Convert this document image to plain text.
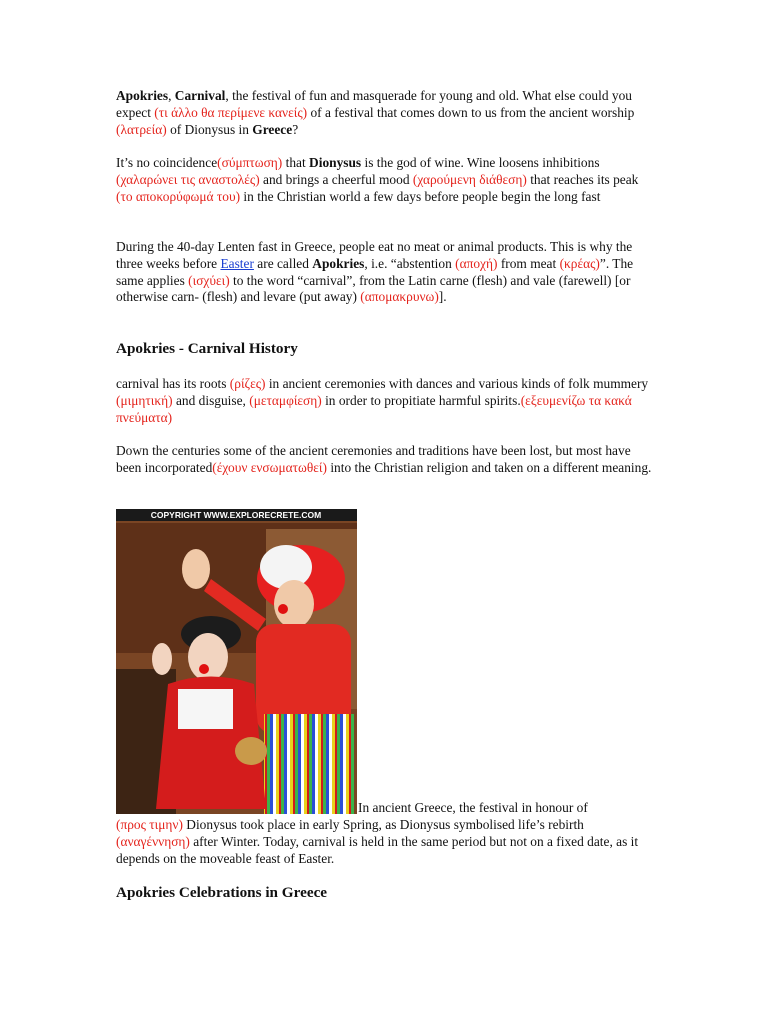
Apokries, Carnival, the festival of fun and masquerade for young and old. What else could you expect (τι άλλο θα περίμενε κανείς) of a festival that comes down to us from the ancient worship (λατρεία) of Dionysus in Greece?

It’s no coincidence(σύμπτωση) that Dionysus is the god of wine. Wine loosens inhibitions (χαλαρώνει τις αναστολές) and brings a cheerful mood (χαρούμενη διάθεση) that reaches its peak (το αποκορύφωμά του) in the Christian world a few days before people begin the long fast

During the 40-day Lenten fast in Greece, people eat no meat or animal products. This is why the three weeks before Easter are called Apokries, i.e. “abstention (αποχή) from meat (κρέας)”. The same applies (ισχύει) to the word “carnival”, from the Latin carne (flesh) and vale (farewell) [or otherwise carn- (flesh) and levare (put away) (απομακρυνω)].

Apokries - Carnival History

carnival has its roots (ρίζες) in ancient ceremonies with dances and various kinds of folk mummery (μιμητική) and disguise, (μεταμφίεση) in order to propitiate harmful spirits.(εξευμενίζω τα κακά πνεύματα)

Down the centuries some of the ancient ceremonies and traditions have been lost, but most have been incorporated(έχουν ενσωματωθεί) into the Christian religion and taken on a different meaning.

COPYRIGHT WWW.EXPLORECRETE.COM

In ancient Greece, the festival in honour of

(προς τιμην) Dionysus took place in early Spring, as Dionysus symbolised life’s rebirth (αναγέννηση) after Winter. Today, carnival is held in the same period but not on a fixed date, as it depends on the moveable feast of Easter.

Apokries Celebrations in Greece
